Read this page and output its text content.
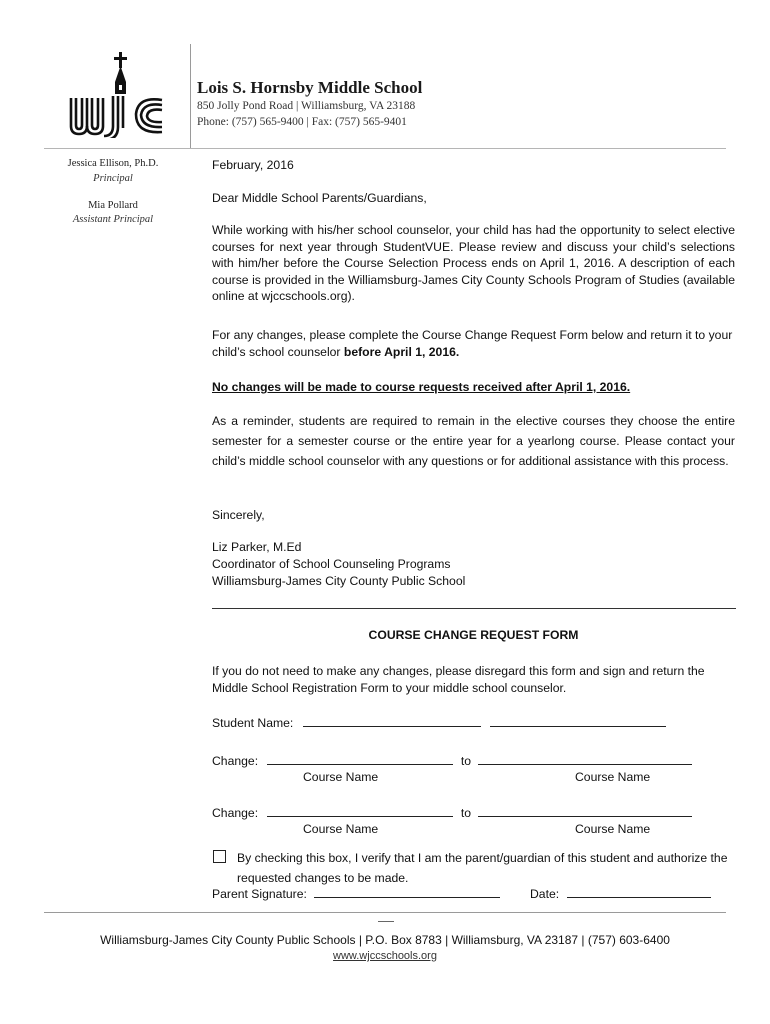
Lois S. Hornsby Middle School
850 Jolly Pond Road | Williamsburg, VA 23188
Phone: (757) 565-9400 | Fax: (757) 565-9401
Jessica Ellison, Ph.D.
Principal
Mia Pollard
Assistant Principal
February, 2016
Dear Middle School Parents/Guardians,
While working with his/her school counselor, your child has had the opportunity to select elective courses for next year through StudentVUE. Please review and discuss your child’s selections with him/her before the Course Selection Process ends on April 1, 2016. A description of each course is provided in the Williamsburg-James City County Schools Program of Studies (available online at wjccschools.org).
For any changes, please complete the Course Change Request Form below and return it to your child’s school counselor before April 1, 2016.
No changes will be made to course requests received after April 1, 2016.
As a reminder, students are required to remain in the elective courses they choose the entire semester for a semester course or the entire year for a yearlong course. Please contact your child’s middle school counselor with any questions or for additional assistance with this process.
Sincerely,
Liz Parker, M.Ed
Coordinator of School Counseling Programs
Williamsburg-James City County Public School
COURSE CHANGE REQUEST FORM
If you do not need to make any changes, please disregard this form and sign and return the Middle School Registration Form to your middle school counselor.
Student Name:
Change:	to
Course Name	Course Name
Change:	to
Course Name	Course Name
By checking this box, I verify that I am the parent/guardian of this student and authorize the requested changes to be made.
Parent Signature:	Date:
Williamsburg-James City County Public Schools | P.O. Box 8783 | Williamsburg, VA 23187 | (757) 603-6400
www.wjccschools.org
